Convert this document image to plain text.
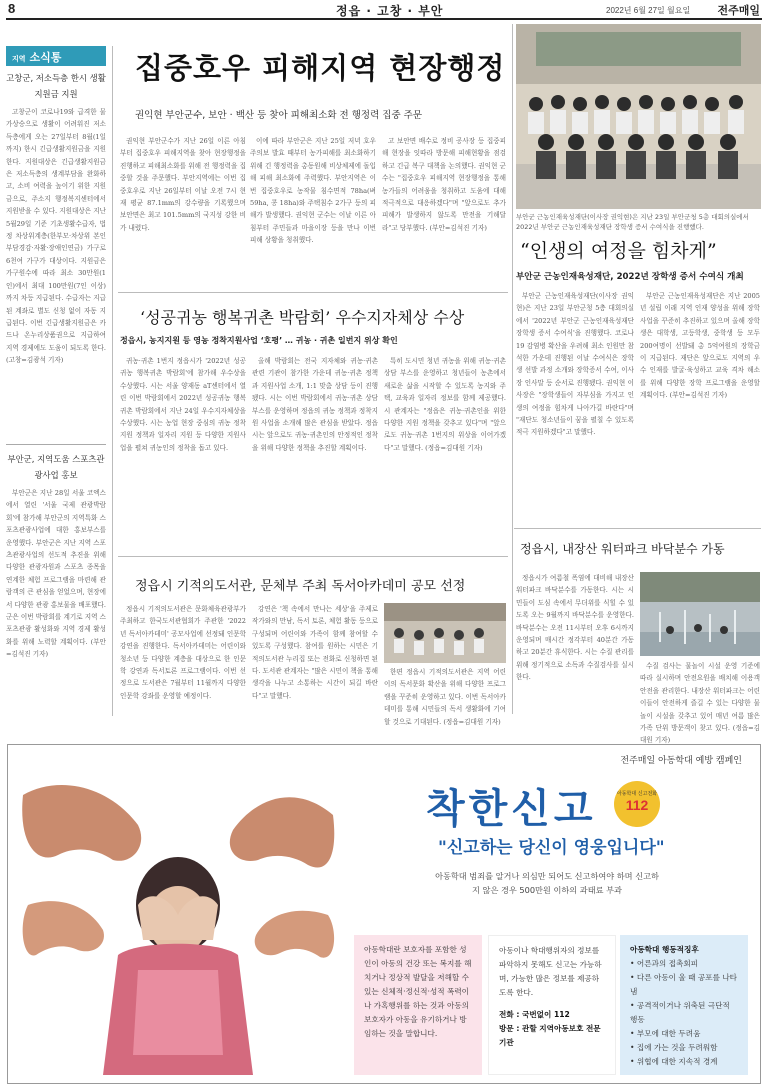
8	정읍 · 고창 · 부안	2022년 6월 27일 월요일 전주매일
지역 소식통
고창군, 저소득층 한시 생활지원금 지원

고창군이 코로나19와 급격한 물가상승으로 생활이 어려워진 저소득층에게 오는 27일부터 8월(1일까지) 한시 긴급생활지원금을 지원한다. 지원대상은 긴급생활지원금은 저소득층의 생계부담을 완화하고, 소비 여력을 높이기 위한 지원금으로, 주소지 행정복지센터에서 지원받을 수 있다. 지원대상은 지난 5월29일 기준 기초생활수급자, 법정 차상위계층(한부모·차상위 본인부담경감·자활·장애인연금) 가구로 6천여 가구가 대상이다. 지원금은 가구원수에 따라 최소 30만원(1인)에서 최대 100만원(7인 이상)까지 차등 지급된다. 수급자는 지급된 계좌로 별도 신청 없이 자동 지급된다. 이번 긴급생활지원금은 카드나 온누리상품권으로 지급하여 지역 경제에도 도움이 되도록 한다. (고창=김광석 기자)

부안군, 지역도움 스포츠관광사업 홍보

부안군은 지난 28일 서울 코엑스에서 열린 '서울 국제 관광박람회'에 참가해 부안군의 지역특화 스포츠관광사업에 대한 홍보부스를 운영했다. 부안군은 지난 지역 스포츠관광사업의 선도적 추진을 위해 다양한 관광자원과 스포츠 종목을 연계한 체험 프로그램을 마련해 관람객의 큰 관심을 얻었으며, 현장에서 다양한 관광 홍보물을 배포했다. 군은 이번 박람회를 계기로 지역 스포츠관광 활성화와 지역 경제 활성화를 위해 노력할 계획이다. (부안=김석진 기자)

집중호우 피해지역 현장행정
권익현 부안군수, 보안 · 백산 등 찾아 피해최소화 전 행정력 집중 주문

권익현 부안군수가 지난 26일 이른 아침부터 집중호우 피해지역을 찾아 현장행정을 진행하고 피해최소화를 위해 전 행정력을 집중할 것을 주문했다. 부안지역에는 이번 집중호우로 지난 26일부터 이날 오전 7시 현재 평균 87.1mm의 강수량을 기록했으며 보안면은 최고 101.5mm의 국지성 강한 비가 내렸다.

이에 따라 부안군은 지난 25일 저녁 호우주의보 발효 때부터 농가피해를 최소화하기 위해 긴 행정력을 총동원해 비상체제에 돌입해 피해 최소화에 주력했다. 부안지역은 이번 집중호우로 농작물 침수면적 78ha(벼 59ha, 콩 18ha)와 주택침수 2가구 등의 피해가 발생했다. 권익현 군수는 이날 이른 아침부터 주민들과 마을이장 등을 만나 이번 피해 상황을 청취했다.

고 보안면 배수로 정비 공사장 등 집중피해 현장을 잇따라 방문해 피해현황을 점검하고 긴급 복구 대책을 논의했다. 권익현 군수는 "집중호우 피해지역 현장행정을 통해 농가들의 어려움을 청취하고 도움에 대해 적극적으로 대응하겠다"며 "앞으로도 추가 피해가 발생하지 않도록 만전을 기해달라"고 당부했다. (부안=김석진 기자)

부안군 근농인재육성재단(이사장 권익현)은 지난 23일 부안군청 5층 대회의실에서 2022년 부안군 근농인재육성재단 장학생 증서 수여식을 진행했다.
“인생의 여정을 힘차게”
부안군 근농인재육성재단, 2022년 장학생 증서 수여식 개최

부안군 근농인재육성재단(이사장 권익현)은 지난 23일 부안군청 5층 대회의실에서 '2022년 부안군 근농인재육성재단 장학생 증서 수여식'을 진행했다. 코로나19 감염병 확산을 우려해 최소 인원만 참석한 가운데 진행된 이날 수여식은 장학생 선발 과정 소개와 장학증서 수여, 이사장 인사말 등 순서로 진행됐다. 권익현 이사장은 "장학생들이 자부심을 가지고 인생의 여정을 힘차게 나아가길 바란다"며 "재단도 청소년들이 꿈을 펼칠 수 있도록 적극 지원하겠다"고 말했다.

부안군 근농인재육성재단은 지난 2005년 설립 이래 지역 인재 양성을 위해 장학사업을 꾸준히 추진하고 있으며 올해 장학생은 대학생, 고등학생, 중학생 등 모두 200여명이 선발돼 총 5억여원의 장학금이 지급된다. 재단은 앞으로도 지역의 우수 인재를 발굴·육성하고 교육 격차 해소를 위해 다양한 장학 프로그램을 운영할 계획이다. (부안=김석진 기자)

‘성공귀농 행복귀촌 박람회’ 우수지자체상 수상
정읍시, 농지지원 등 영농 정착지원사업 ‘호평’ … 귀농 · 귀촌 일번지 위상 확인

귀농·귀촌 1번지 정읍시가 '2022년 성공귀농 행복귀촌 박람회'에 참가해 우수상을 수상했다. 시는 서울 양재동 aT센터에서 열린 이번 박람회에서 2022년 성공귀농 행복귀촌 박람회에서 지난 24일 우수지자체상을 수상했다. 시는 농업 현장 중심의 귀농 정착 지원 정책과 일자리 지원 등 다양한 지원사업을 펼쳐 귀농인의 정착을 돕고 있다.

올해 박람회는 전국 지자체와 귀농·귀촌 관련 기관이 참가한 가운데 귀농·귀촌 정책과 지원사업 소개, 1:1 맞춤 상담 등이 진행됐다. 시는 이번 박람회에서 귀농·귀촌 상담 부스를 운영하며 정읍의 귀농 정책과 정착지원 사업을 소개해 많은 관심을 받았다. 정읍시는 앞으로도 귀농·귀촌인의 안정적인 정착을 위해 다양한 정책을 추진할 계획이다.

특히 도시민 청년 귀농을 위해 귀농·귀촌 상담 부스를 운영하고 청년들이 농촌에서 새로운 삶을 시작할 수 있도록 농지와 주택, 교육과 일자리 정보를 함께 제공했다. 시 관계자는 "정읍은 귀농·귀촌인을 위한 다양한 지원 정책을 갖추고 있다"며 "앞으로도 귀농·귀촌 1번지의 위상을 이어가겠다"고 말했다. (정읍=김대원 기자)

정읍시 기적의도서관, 문체부 주최 독서아카데미 공모 선정

정읍시 기적의도서관은 문화체육관광부가 주최하고 한국도서관협회가 주관한 '2022년 독서아카데미' 공모사업에 선정돼 인문학 강연을 진행한다. 독서아카데미는 어린이와 청소년 등 다양한 계층을 대상으로 한 인문학 강연과 독서토론 프로그램이다. 이번 선정으로 도서관은 7월부터 11월까지 다양한 인문학 강좌를 운영할 예정이다.

강연은 '책 속에서 만나는 세상'을 주제로 작가와의 만남, 독서 토론, 체험 활동 등으로 구성되며 어린이와 가족이 함께 참여할 수 있도록 구성했다. 참여를 원하는 시민은 기적의도서관 누리집 또는 전화로 신청하면 된다. 도서관 관계자는 "많은 시민이 책을 통해 생각을 나누고 소통하는 시간이 되길 바란다"고 말했다.

한편 정읍시 기적의도서관은 지역 어린이의 독서문화 확산을 위해 다양한 프로그램을 꾸준히 운영하고 있다. 이번 독서아카데미를 통해 시민들의 독서 생활화에 기여할 것으로 기대된다. (정읍=김대원 기자)

정읍시, 내장산 워터파크 바닥분수 가동

정읍시가 여름철 폭염에 대비해 내장산 워터파크 바닥분수를 가동한다. 시는 시민들이 도심 속에서 무더위를 식힐 수 있도록 오는 9월까지 바닥분수를 운영한다. 바닥분수는 오전 11시부터 오후 6시까지 운영되며 매시간 정각부터 40분간 가동하고 20분간 휴식한다. 시는 수질 관리를 위해 정기적으로 소독과 수질검사를 실시한다.

수질 검사는 물놀이 시설 운영 기준에 따라 실시하며 안전요원을 배치해 이용객 안전을 관리한다. 내장산 워터파크는 어린이들이 안전하게 즐길 수 있는 다양한 물놀이 시설을 갖추고 있어 매년 여름 많은 가족 단위 방문객이 찾고 있다. (정읍=김대원 기자)

전주매일 아동학대 예방 캠페인
착한신고	아동학대 신고전화
112
"신고하는 당신이 영웅입니다"
아동학대 범죄를 알거나 의심만 되어도 신고하여야 하며 신고하지 않은 경우 500만원 이하의 과태료 부과

아동학대란 보호자를 포함한 성인이 아동의 건강 또는 복지를 해치거나 정상적 발달을 저해할 수 있는 신체적·정신적·성적 폭력이나 가혹행위를 하는 것과 아동의 보호자가 아동을 유기하거나 방임하는 것을 말합니다.

아동이나 학대행위자의 정보를 파악하지 못해도 신고는 가능하며, 가능한 많은 정보를 제공하도록 한다.

전화 : 국번없이 112

방문 : 관할 지역아동보호 전문기관

아동학대 행동적징후

• 어른과의 접촉회피
• 다른 아동이 울 때 공포를 나타냄
• 공격적이거나 위축된 극단적 행동
• 부모에 대한 두려움
• 집에 가는 것을 두려워함
• 위협에 대한 지속적 경계
